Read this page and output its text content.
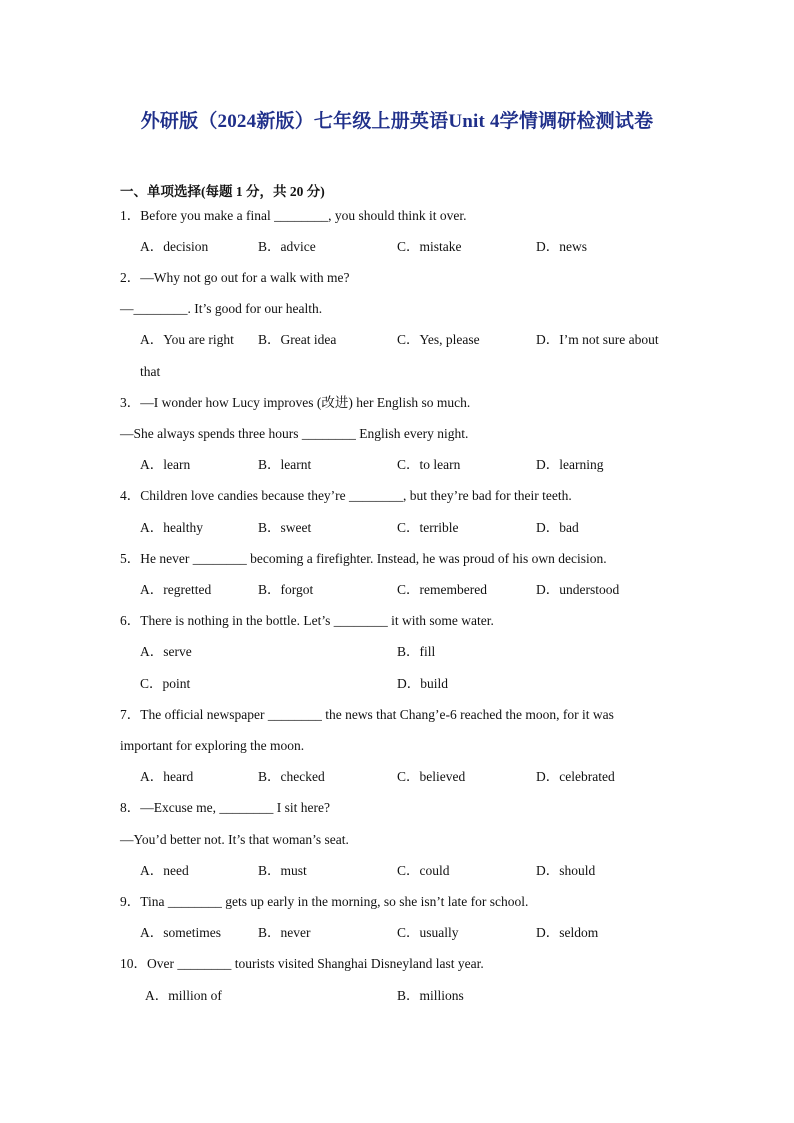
外研版（2024新版）七年级上册英语Unit 4学情调研检测试卷
一、单项选择(每题 1 分，共 20 分)
1．Before you make a final ________, you should think it over.
A．decision	B．advice	C．mistake	D．news
2．—Why not go out for a walk with me?
—________. It’s good for our health.
A．You are right B．Great idea	C．Yes, please	D．I’m not sure about
that
3．—I wonder how Lucy improves (改进) her English so much.
—She always spends three hours ________ English every night.
A．learn	B．learnt	C．to learn	D．learning
4．Children love candies because they’re ________, but they’re bad for their teeth.
A．healthy	B．sweet	C．terrible	D．bad
5．He never ________ becoming a firefighter. Instead, he was proud of his own decision.
A．regretted	B．forgot	C．remembered	D．understood
6．There is nothing in the bottle. Let’s ________ it with some water.
A．serve	B．fill
C．point	D．build
7．The official newspaper ________ the news that Chang’e-6 reached the moon, for it was
important for exploring the moon.
A．heard	B．checked	C．believed	D．celebrated
8．—Excuse me, ________ I sit here?
—You’d better not. It’s that woman’s seat.
A．need	B．must	C．could	D．should
9．Tina ________ gets up early in the morning, so she isn’t late for school.
A．sometimes	B．never	C．usually	D．seldom
10．Over ________ tourists visited Shanghai Disneyland last year.
A．million of	B．millions
